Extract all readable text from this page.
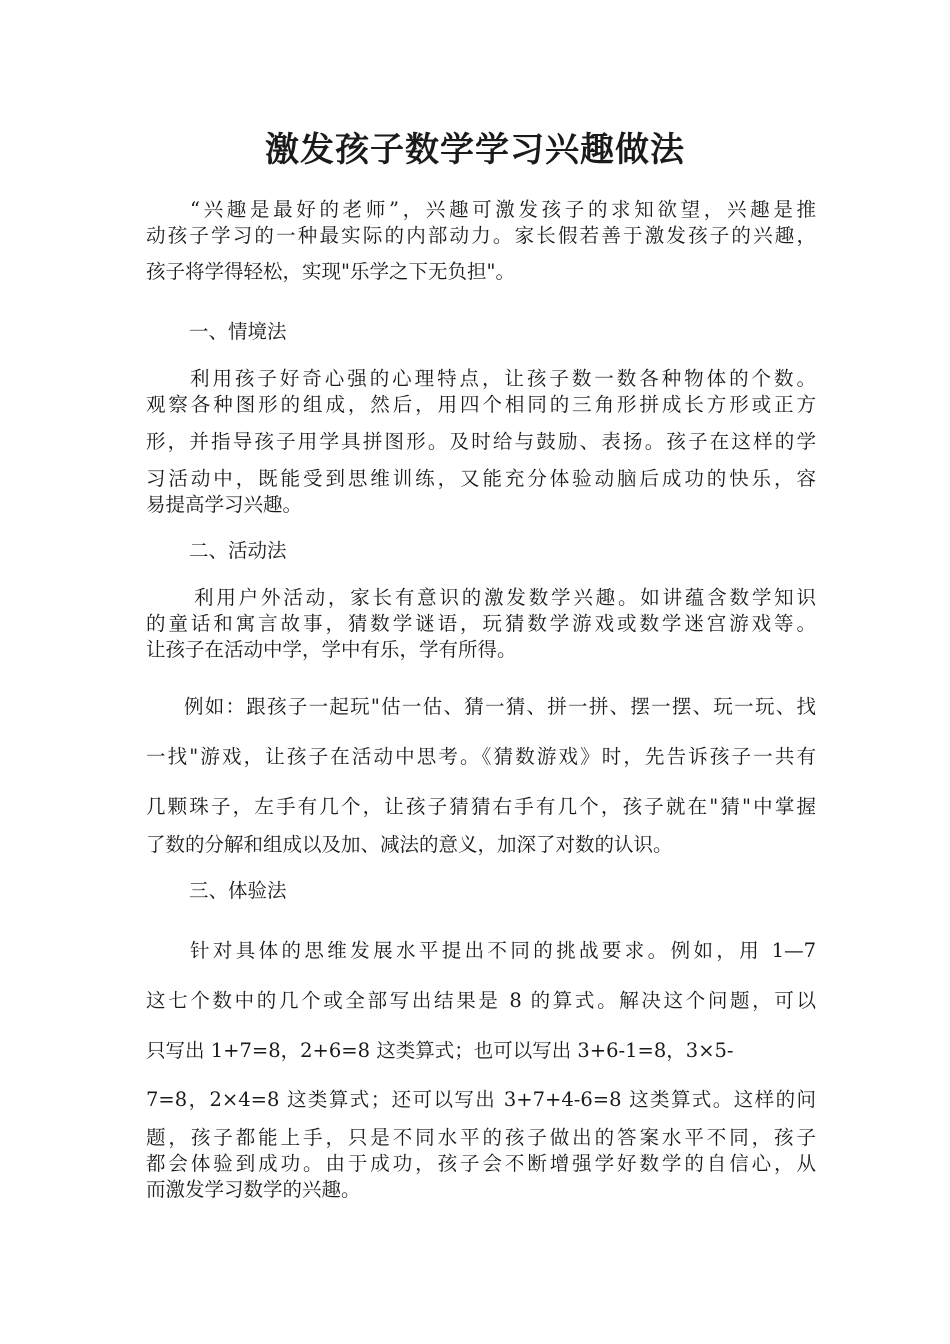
激发孩子数学学习兴趣做法
“兴趣是最好的老师”，兴趣可激发孩子的求知欲望，兴趣是推
动孩子学习的一种最实际的内部动力。家长假若善于激发孩子的兴趣，
孩子将学得轻松，实现"乐学之下无负担"。
一、情境法
利用孩子好奇心强的心理特点，让孩子数一数各种物体的个数。
观察各种图形的组成，然后，用四个相同的三角形拼成长方形或正方
形，并指导孩子用学具拼图形。及时给与鼓励、表扬。孩子在这样的学
习活动中，既能受到思维训练，又能充分体验动脑后成功的快乐，容
易提高学习兴趣。
二、活动法
利用户外活动，家长有意识的激发数学兴趣。如讲蕴含数学知识
的童话和寓言故事，猜数学谜语，玩猜数学游戏或数学迷宫游戏等。
让孩子在活动中学，学中有乐，学有所得。
例如：跟孩子一起玩"估一估、猜一猜、拼一拼、摆一摆、玩一玩、找
一找"游戏，让孩子在活动中思考。《猜数游戏》时，先告诉孩子一共有
几颗珠子，左手有几个，让孩子猜猜右手有几个，孩子就在"猜"中掌握
了数的分解和组成以及加、减法的意义，加深了对数的认识。
三、体验法
针对具体的思维发展水平提出不同的挑战要求。例如，用 1—7
这七个数中的几个或全部写出结果是 8 的算式。解决这个问题，可以
只写出 1+7=8，2+6=8 这类算式；也可以写出 3+6-1=8，3×5-
7=8，2×4=8 这类算式；还可以写出 3+7+4-6=8 这类算式。这样的问
题，孩子都能上手，只是不同水平的孩子做出的答案水平不同，孩子
都会体验到成功。由于成功，孩子会不断增强学好数学的自信心，从
而激发学习数学的兴趣。
